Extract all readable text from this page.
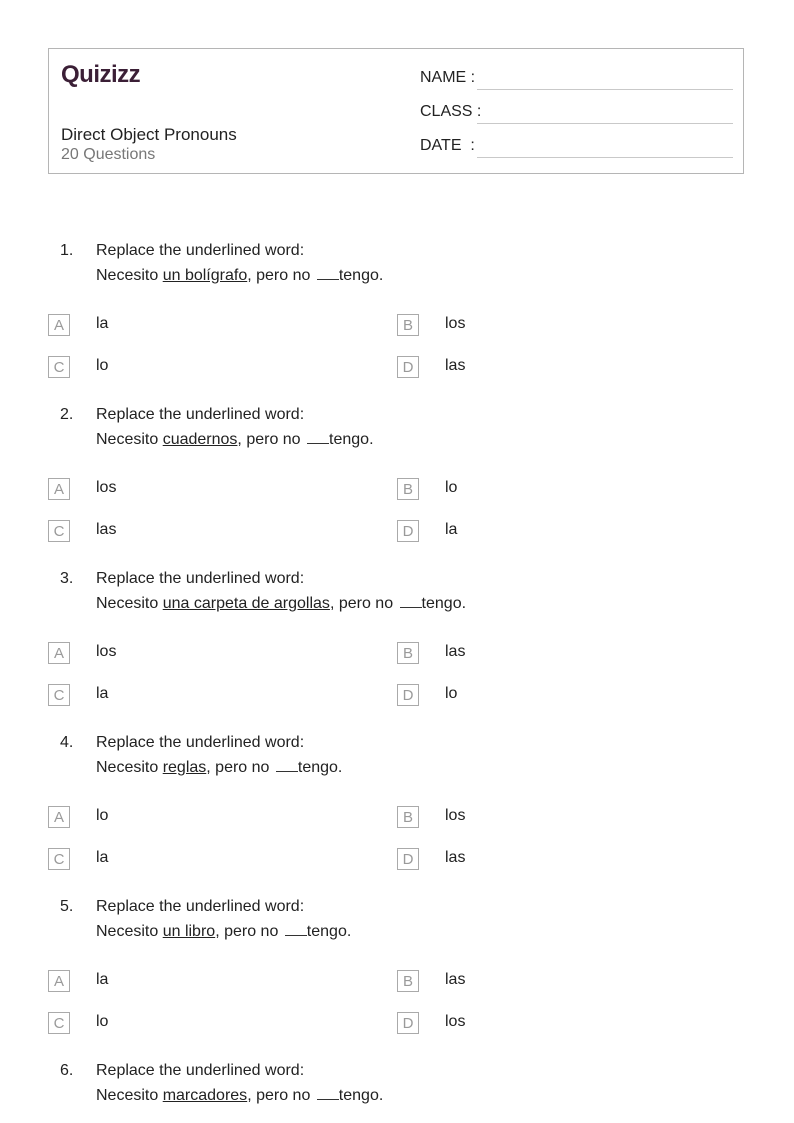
Quizizz
Direct Object Pronouns
20 Questions
NAME :
CLASS :
DATE  :
1. Replace the underlined word:
Necesito un bolígrafo, pero no tengo.
A	la	B	los
C	lo	D	las
2. Replace the underlined word:
Necesito cuadernos, pero no tengo.
A	los	B	lo
C	las	D	la
3. Replace the underlined word:
Necesito una carpeta de argollas, pero no tengo.
A	los	B	las
C	la	D	lo
4. Replace the underlined word:
Necesito reglas, pero no tengo.
A	lo	B	los
C	la	D	las
5. Replace the underlined word:
Necesito un libro, pero no tengo.
A	la	B	las
C	lo	D	los
6. Replace the underlined word:
Necesito marcadores, pero no tengo.
